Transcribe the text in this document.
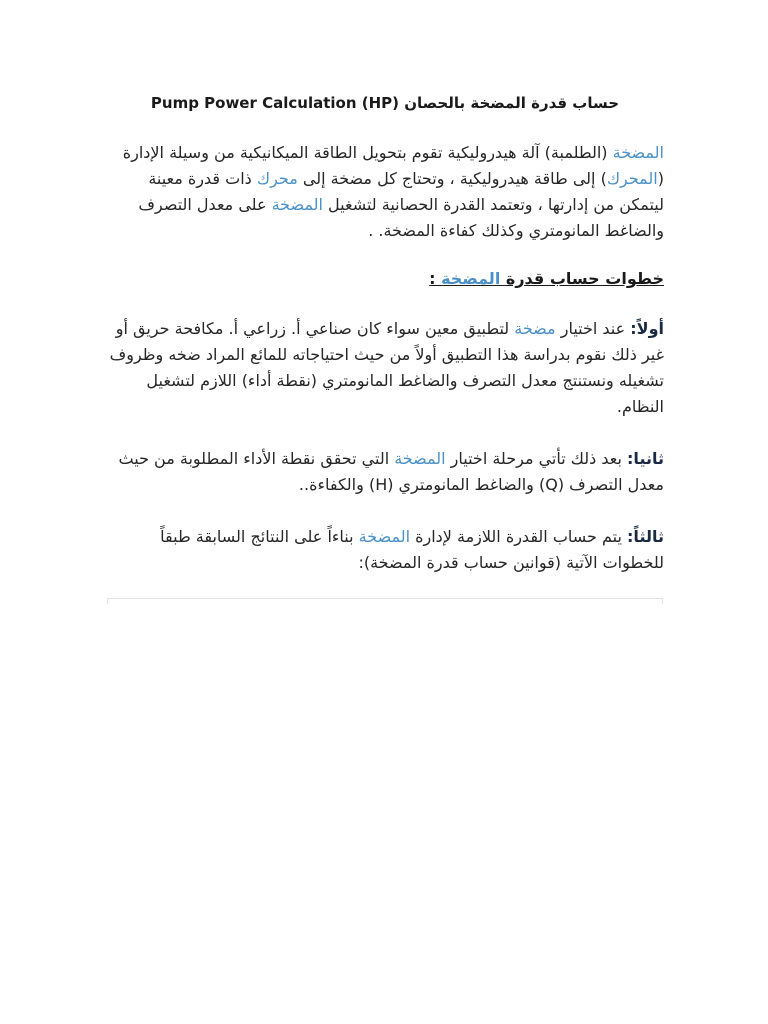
حساب قدرة المضخة بالحصان (Pump Power Calculation (HP

المضخة (الطلمبة) آلة هيدروليكية تقوم بتحويل الطاقة الميكانيكية من وسيلة الإدارة (المحرك) إلى طاقة هيدروليكية ، وتحتاج كل مضخة إلى محرك ذات قدرة معينة ليتمكن من إدارتها ، وتعتمد القدرة الحصانية لتشغيل المضخة على معدل التصرف والضاغط المانومتري وكذلك كفاءة المضخة. .

خطوات حساب قدرة المضخة :

أولاً: عند اختيار مضخة لتطبيق معين سواء كان صناعي أ. زراعي أ. مكافحة حريق أو غير ذلك نقوم بدراسة هذا التطبيق أولاً من حيث احتياجاته للمائع المراد ضخه وظروف تشغيله ونستنتج معدل التصرف والضاغط المانومتري (نقطة أداء) اللازم لتشغيل النظام.

ثانيا: بعد ذلك تأتي مرحلة اختيار المضخة التي تحقق نقطة الأداء المطلوبة من حيث معدل التصرف (Q) والضاغط المانومتري (H) والكفاءة..

ثالثاً: يتم حساب القدرة اللازمة لإدارة المضخة بناءاً على النتائج السابقة طبقاً للخطوات الآتية (قوانين حساب قدرة المضخة):
